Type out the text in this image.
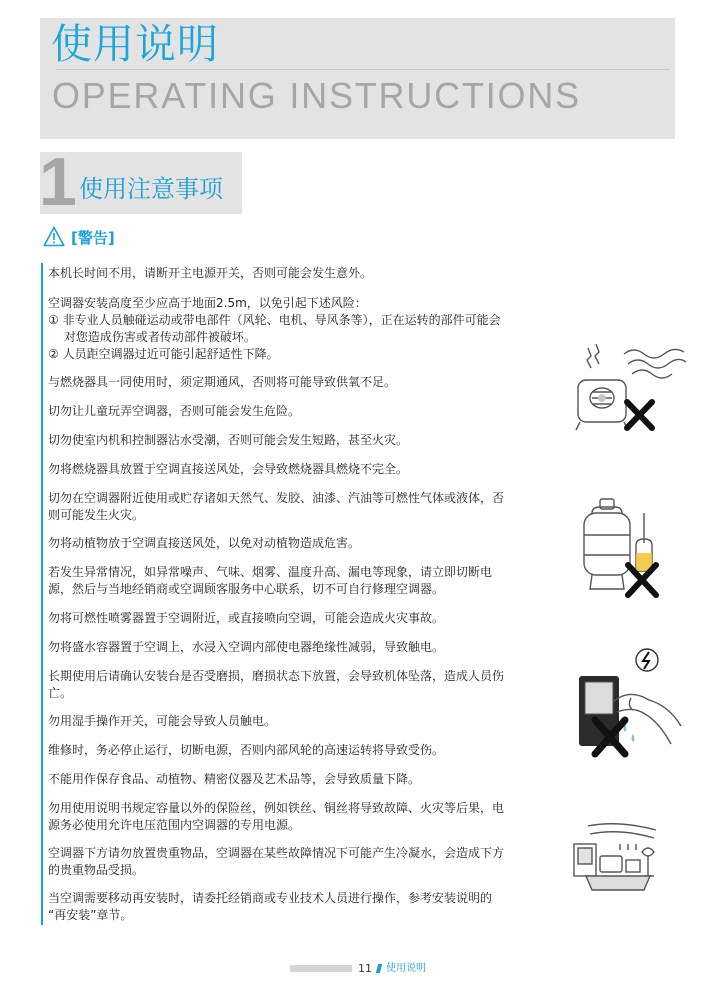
使用说明
OPERATING INSTRUCTIONS
1 使用注意事项
[警告]
本机长时间不用，请断开主电源开关，否则可能会发生意外。
空调器安装高度至少应高于地面2.5m，以免引起下述风险：
① 非专业人员触碰运动或带电部件（风轮、电机、导风条等），正在运转的部件可能会
　 对您造成伤害或者传动部件被破坏。
② 人员距空调器过近可能引起舒适性下降。
与燃烧器具一同使用时，须定期通风，否则将可能导致供氧不足。
切勿让儿童玩弄空调器，否则可能会发生危险。
切勿使室内机和控制器沾水受潮，否则可能会发生短路，甚至火灾。
勿将燃烧器具放置于空调直接送风处，会导致燃烧器具燃烧不完全。
切勿在空调器附近使用或贮存诸如天然气、发胶、油漆、汽油等可燃性气体或液体，否
则可能发生火灾。
勿将动植物放于空调直接送风处，以免对动植物造成危害。
若发生异常情况，如异常噪声、气味、烟雾、温度升高、漏电等现象，请立即切断电
源，然后与当地经销商或空调顾客服务中心联系，切不可自行修理空调器。
勿将可燃性喷雾器置于空调附近，或直接喷向空调，可能会造成火灾事故。
勿将盛水容器置于空调上，水浸入空调内部使电器绝缘性减弱，导致触电。
长期使用后请确认安装台是否受磨损，磨损状态下放置，会导致机体坠落，造成人员伤
亡。
勿用湿手操作开关，可能会导致人员触电。
维修时，务必停止运行，切断电源，否则内部风轮的高速运转将导致受伤。
不能用作保存食品、动植物、精密仪器及艺术品等，会导致质量下降。
勿用使用说明书规定容量以外的保险丝，例如铁丝、铜丝将导致故障、火灾等后果，电
源务必使用允许电压范围内空调器的专用电源。
空调器下方请勿放置贵重物品，空调器在某些故障情况下可能产生冷凝水，会造成下方
的贵重物品受损。
当空调需要移动再安装时，请委托经销商或专业技术人员进行操作，参考安装说明的
“再安装”章节。
11 使用说明
